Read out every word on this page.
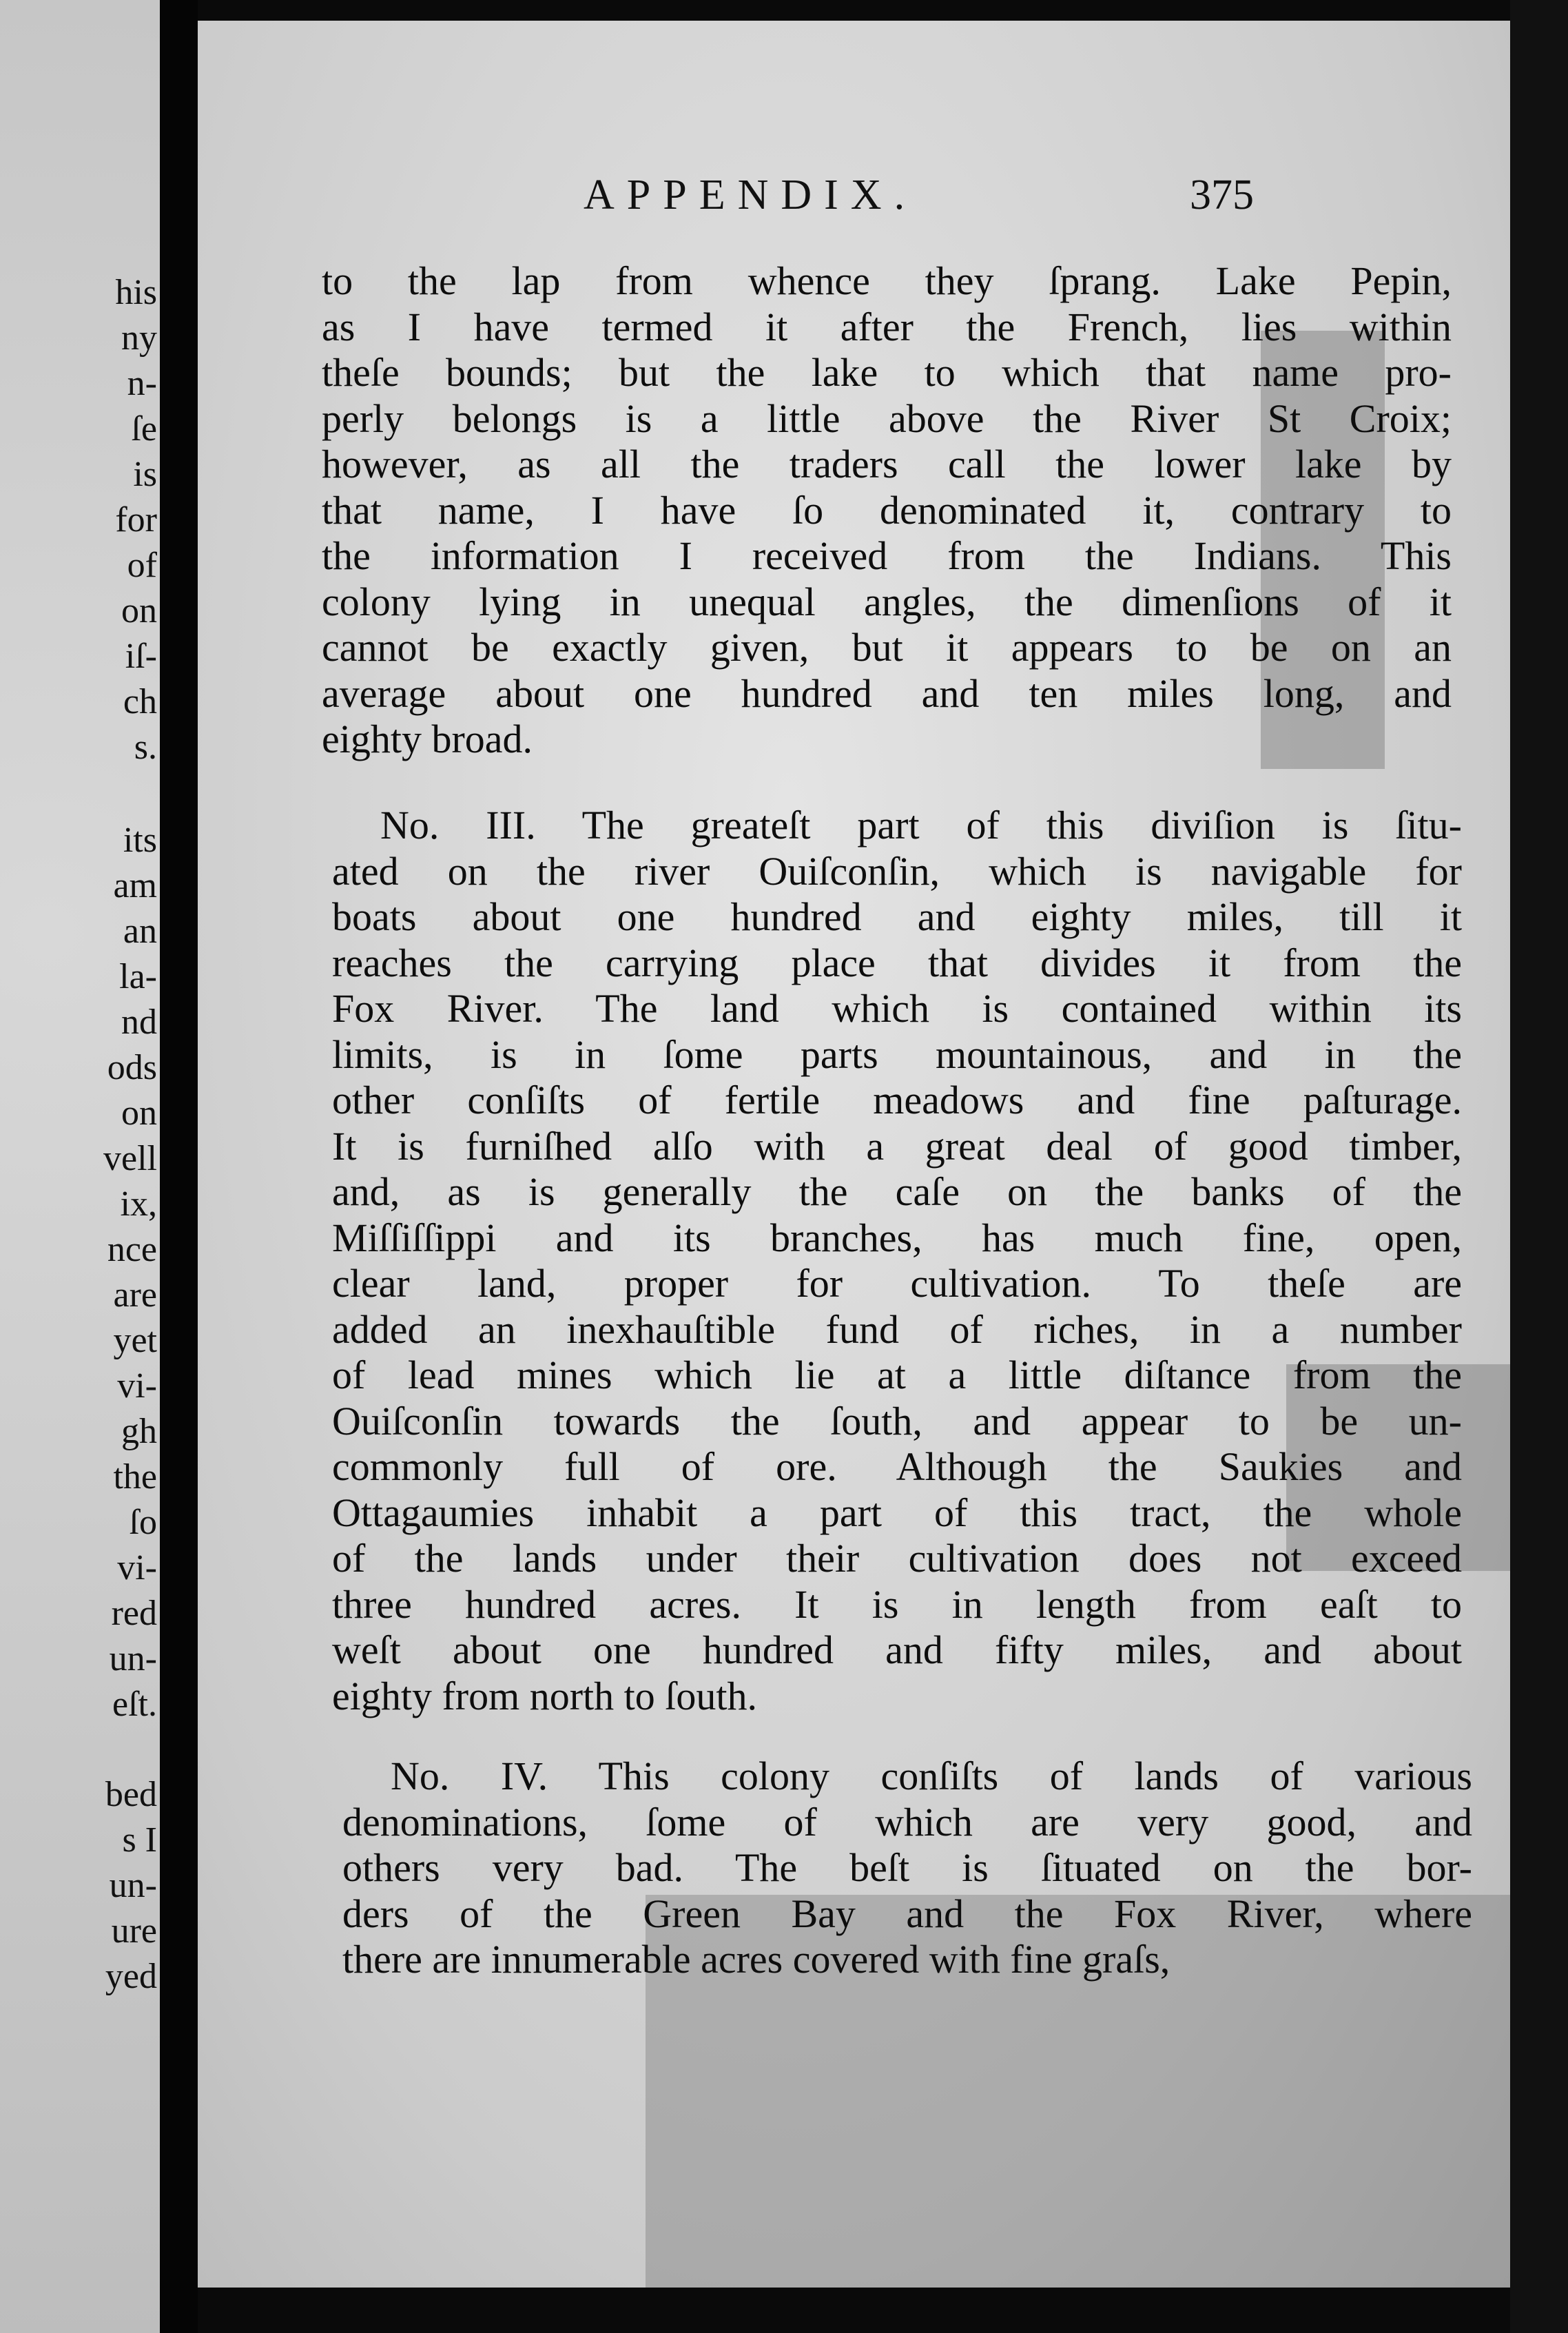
his
ny
n-
ſe
is
for
of
on
iſ-
ch
s.
its
am
an
la-
nd
ods
on
vell
ix,
nce
are
yet
vi-
gh
the
ſo
vi-
red
un-
eſt.
bed
s I
un-
ure
yed
APPENDIX.	375
to the lap from whence they ſprang. Lake Pepin,
as I have termed it after the French, lies within
theſe bounds; but the lake to which that name pro-
perly belongs is a little above the River St Croix;
however, as all the traders call the lower lake by
that name, I have ſo denominated it, contrary to
the information I received from the Indians. This
colony lying in unequal angles, the dimenſions of it
cannot be exactly given, but it appears to be on an
average about one hundred and ten miles long, and
eighty broad.
No. III. The greateſt part of this diviſion is ſitu-
ated on the river Ouiſconſin, which is navigable for
boats about one hundred and eighty miles, till it
reaches the carrying place that divides it from the
Fox River. The land which is contained within its
limits, is in ſome parts mountainous, and in the
other conſiſts of fertile meadows and fine paſturage.
It is furniſhed alſo with a great deal of good timber,
and, as is generally the caſe on the banks of the
Miſſiſſippi and its branches, has much fine, open,
clear land, proper for cultivation. To theſe are
added an inexhauſtible fund of riches, in a number
of lead mines which lie at a little diſtance from the
Ouiſconſin towards the ſouth, and appear to be un-
commonly full of ore. Although the Saukies and
Ottagaumies inhabit a part of this tract, the whole
of the lands under their cultivation does not exceed
three hundred acres. It is in length from eaſt to
weſt about one hundred and fifty miles, and about
eighty from north to ſouth.
No. IV. This colony conſiſts of lands of various
denominations, ſome of which are very good, and
others very bad. The beſt is ſituated on the bor-
ders of the Green Bay and the Fox River, where
there are innumerable acres covered with fine graſs,
